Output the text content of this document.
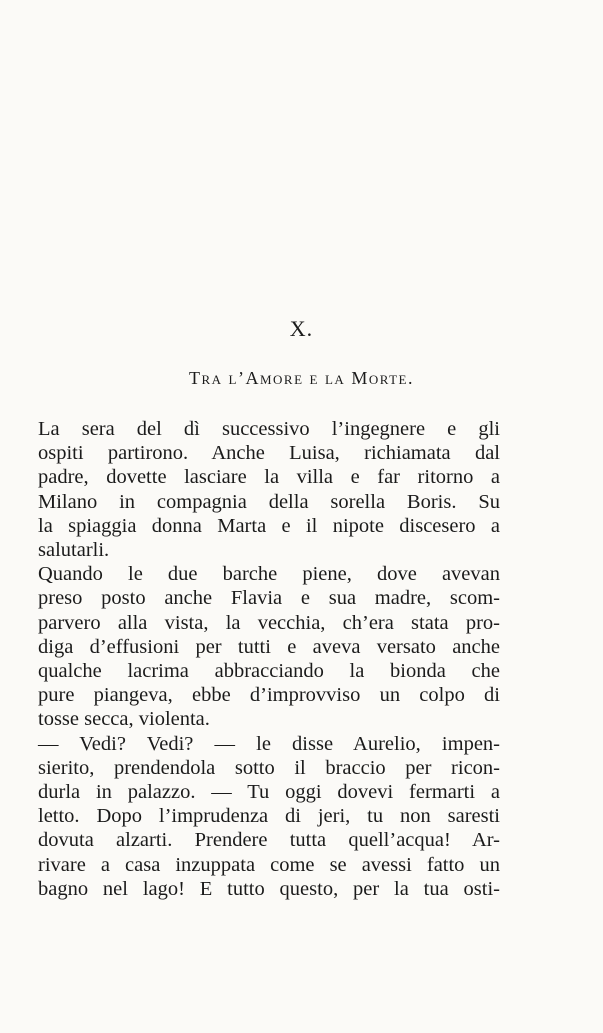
X.
Tra l’Amore e la Morte.

La sera del dì successivo l’ingegnere e gli
ospiti partirono. Anche Luisa, richiamata dal
padre, dovette lasciare la villa e far ritorno a
Milano in compagnia della sorella Boris. Su
la spiaggia donna Marta e il nipote discesero a
salutarli.

Quando le due barche piene, dove avevan
preso posto anche Flavia e sua madre, scom-
parvero alla vista, la vecchia, ch’era stata pro-
diga d’effusioni per tutti e aveva versato anche
qualche lacrima abbracciando la bionda che
pure piangeva, ebbe d’improvviso un colpo di
tosse secca, violenta.

— Vedi? Vedi? — le disse Aurelio, impen-
sierito, prendendola sotto il braccio per ricon-
durla in palazzo. — Tu oggi dovevi fermarti a
letto. Dopo l’imprudenza di jeri, tu non saresti
dovuta alzarti. Prendere tutta quell’acqua! Ar-
rivare a casa inzuppata come se avessi fatto un
bagno nel lago! E tutto questo, per la tua osti-
